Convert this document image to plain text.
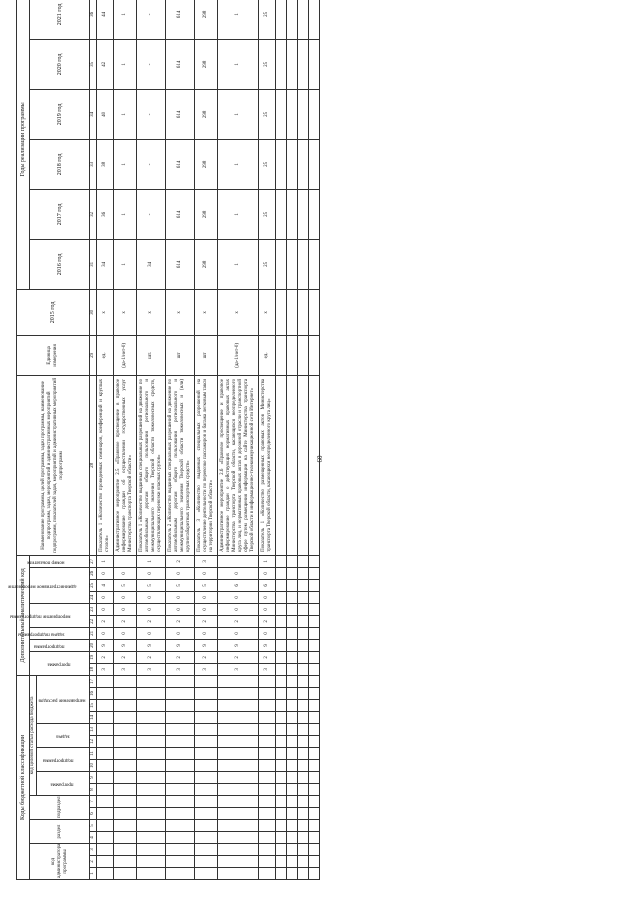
60
Коды бюджетной классификации																	Дополнительный аналитический код										Наименование программы, целей программы, задач программы, наименование подпрограмм, задач, мероприятий и административных мероприятий подпрограмм, показателей задач, мероприятий и административных мероприятий подпрограмм	Единица измерения	2015 год	Годы реализации программы	
код администратора программы			раздел		подраздел		код целевой статьи расхода бюджета										программа		подпрограмма	задача подпрограммы	мероприятие подпрограммы		административное мероприятие			номер показателя				2016 год	2017 год	2018 год	2019 год	2020 год	2021 год		

							программа		подпрограмма		задача		направление расходов																								

1	2	3	4	5	6	7	8	9	10	11	12	13	14	15	16	17	18	19	20	21	22	23	24	25	26	27	28	29	30	31	32	33	34	35	36	
																	3	2	9	0	2	0	0	4	0	1	Показатель 1 «Количество проведенных семинаров, конференций и круглых столов»	ед.	х	34	36	38	40	42	44		
																	3	2	9	0	2	0	0	5	0		Административное мероприятие 2.5 «Правовое просвещение в правовое информирование граждан об осуществлении государственных услуг Министерства транспорта Тверской области»	(да-1/нет-0)	х	1	1	1	1	1	1		
																	3	2	9	0	2	0	0	5	0	1	Показатель 1 «Количество выданных специальных разрешений на движение по автомобильным дорогам общего пользования регионального и межмуниципального значения Тверской области тяжеловесных средств, осуществляющих перевозки опасных грузов»	шт.	х	34	-	-	-	-	-		
																	3	2	9	0	2	0	0	5	0	2	Показатель 2 «Количество выданных специальных разрешений на движение по автомобильным дорогам общего пользования регионального и межмуниципального значения Тверской области тяжеловесных и (или) крупногабаритных транспортных средств»	шт	х	614	614	614	614	614	614		
																	3	2	9	0	2	0	0	5	0	3	Показатель 3 «Количество выданных специальных разрешений на осуществление деятельности по перевозке пассажиров и багажа легковым такси на территории Тверской области»	шт	х	298	298	298	298	298	298		
																	3	2	9	0	2	0	0	6	0		Административное мероприятие 2.6 «Правовое просвещение и правовое информирование граждан о действующих нормативных правовых актах Министерства транспорта Тверской области, касающихся неопределенного круга лиц, и нормативных правовых актах в дорожной отрасли и транспортной сфере путем размещения информации на сайте Министерства транспорта Тверской области в информационно-телекоммуникационной сети Интернет»	(да-1/нет-0)	х	1	1	1	1	1	1		
																	3	2	9	0	2	0	0	6	0	1	Показатель 1 «Количество размещенных правовых актов Министерства транспорта Тверской области, касающихся неопределенного круга лиц»	ед.	х	25	25	25	25	25	25		
